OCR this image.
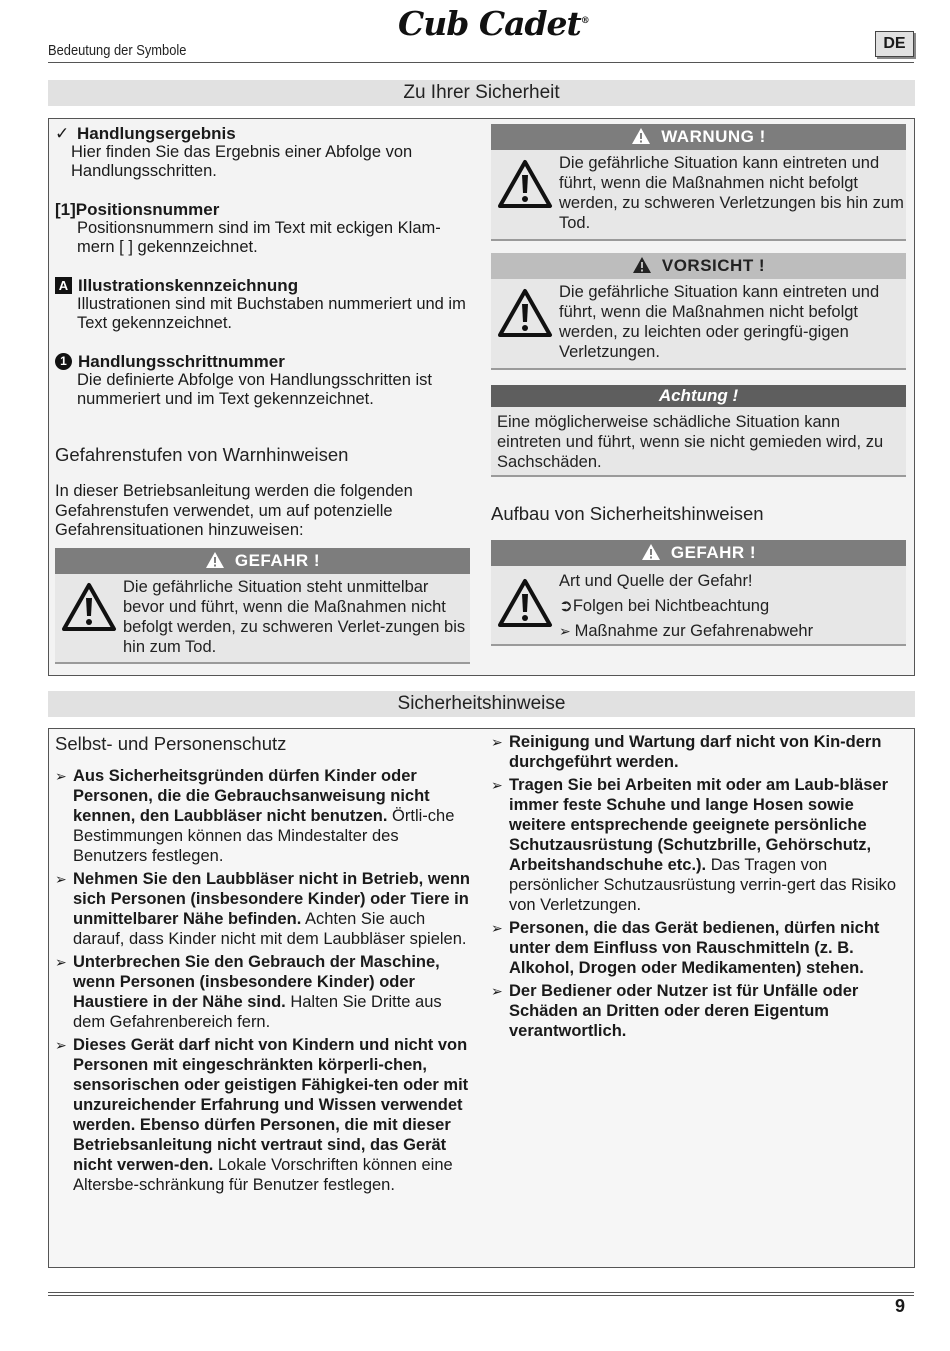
Bedeutung der Symbole
Cub Cadet®
DE
Zu Ihrer Sicherheit
✓ Handlungsergebnis
Hier finden Sie das Ergebnis einer Abfolge von Handlungsschritten.
[1] Positionsnummer
Positionsnummern sind im Text mit eckigen Klam-mern [ ] gekennzeichnet.
A Illustrationskennzeichnung
Illustrationen sind mit Buchstaben nummeriert und im Text gekennzeichnet.
1 Handlungsschrittnummer
Die definierte Abfolge von Handlungsschritten ist nummeriert und im Text gekennzeichnet.
Gefahrenstufen von Warnhinweisen
In dieser Betriebsanleitung werden die folgenden Gefahrenstufen verwendet, um auf potenzielle Gefahrensituationen hinzuweisen:
GEFAHR !
Die gefährliche Situation steht unmittelbar bevor und führt, wenn die Maßnahmen nicht befolgt werden, zu schweren Verlet-zungen bis hin zum Tod.
WARNUNG !
Die gefährliche Situation kann eintreten und führt, wenn die Maßnahmen nicht befolgt werden, zu schweren Verletzungen bis hin zum Tod.
VORSICHT !
Die gefährliche Situation kann eintreten und führt, wenn die Maßnahmen nicht befolgt werden, zu leichten oder geringfü-gigen Verletzungen.
Achtung !
Eine möglicherweise schädliche Situation kann eintreten und führt, wenn sie nicht gemieden wird, zu Sachschäden.
Aufbau von Sicherheitshinweisen
GEFAHR !
Art und Quelle der Gefahr!
➲Folgen bei Nichtbeachtung
➢ Maßnahme zur Gefahrenabwehr
Sicherheitshinweise
Selbst- und Personenschutz
➢ Aus Sicherheitsgründen dürfen Kinder oder Personen, die die Gebrauchsanweisung nicht kennen, den Laubbläser nicht benutzen. Örtli-che Bestimmungen können das Mindestalter des Benutzers festlegen.
➢ Nehmen Sie den Laubbläser nicht in Betrieb, wenn sich Personen (insbesondere Kinder) oder Tiere in unmittelbarer Nähe befinden. Achten Sie auch darauf, dass Kinder nicht mit dem Laubbläser spielen.
➢ Unterbrechen Sie den Gebrauch der Maschine, wenn Personen (insbesondere Kinder) oder Haustiere in der Nähe sind. Halten Sie Dritte aus dem Gefahrenbereich fern.
➢ Dieses Gerät darf nicht von Kindern und nicht von Personen mit eingeschränkten körperli-chen, sensorischen oder geistigen Fähigkei-ten oder mit unzureichender Erfahrung und Wissen verwendet werden. Ebenso dürfen Personen, die mit dieser Betriebsanleitung nicht vertraut sind, das Gerät nicht verwen-den. Lokale Vorschriften können eine Altersbe-schränkung für Benutzer festlegen.
➢ Reinigung und Wartung darf nicht von Kin-dern durchgeführt werden.
➢ Tragen Sie bei Arbeiten mit oder am Laub-bläser immer feste Schuhe und lange Hosen sowie weitere entsprechende geeignete persönliche Schutzausrüstung (Schutzbrille, Gehörschutz, Arbeitshandschuhe etc.). Das Tragen von persönlicher Schutzausrüstung verrin-gert das Risiko von Verletzungen.
➢ Personen, die das Gerät bedienen, dürfen nicht unter dem Einfluss von Rauschmitteln (z. B. Alkohol, Drogen oder Medikamenten) stehen.
➢ Der Bediener oder Nutzer ist für Unfälle oder Schäden an Dritten oder deren Eigentum verantwortlich.
9
